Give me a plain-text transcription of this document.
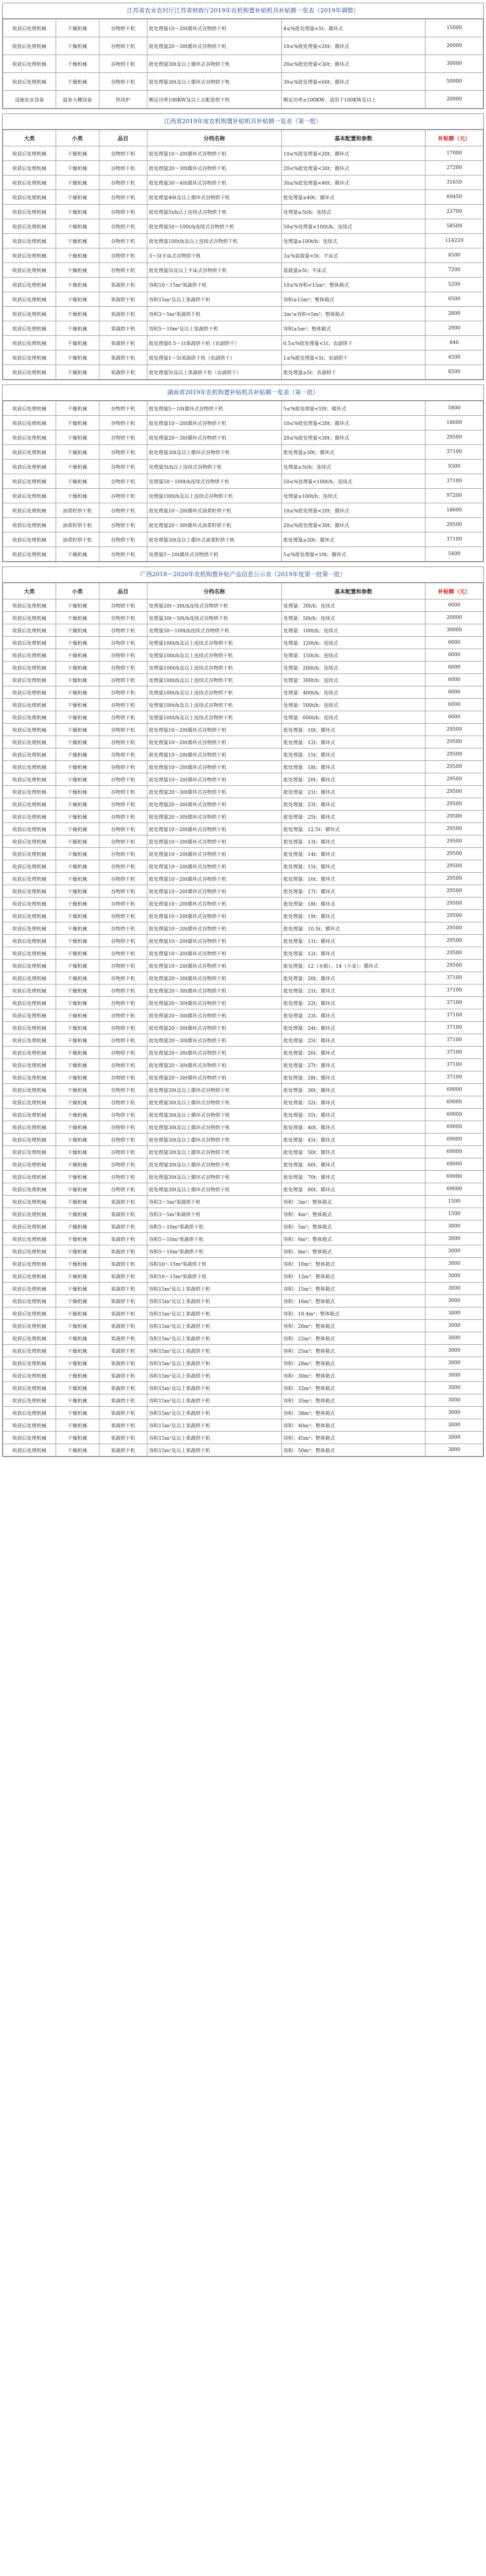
江苏省农业农村厅江苏省财政厅2019年农机购置补贴机具补贴额一览表（2019年调整）
收获后处理机械	干燥机械	谷物烘干机	批处理量10～20t循环式谷物烘干机	4≤%批处理量<5t；循环式	15000
收获后处理机械	干燥机械	谷物烘干机	批处理量20～30t循环式谷物烘干机	10≤%批处理量<20t；循环式	20000
收获后处理机械	干燥机械	谷物烘干机	批处理量30t及以上循环式谷物烘干机	20≤%批处理量<30t；循环式	30000
收获后处理机械	干燥机械	谷物烘干机	批处理量30t及以上循环式谷物烘干机	30≤%批处理量<60t；循环式	50000
设施农业设备	温室大棚设备	热风炉	额定功率100KW及以上且配套烘干机	额定功率≥100KW，适用于100KW及以上	20000
江西省2019年度农机购置补贴机具补贴额一览表（第一批）
大类	小类	品目	分档名称	基本配置和参数	补贴额（元）
收获后处理机械	干燥机械	谷物烘干机	批处理量10～20t循环式谷物烘干机	10≤%批处理量<20t；循环式	17000
收获后处理机械	干燥机械	谷物烘干机	批处理量20～30t循环式谷物烘干机	20≤%批处理量<30t；循环式	27200
收获后处理机械	干燥机械	谷物烘干机	批处理量30～40t循环式谷物烘干机	30≤%批处理量<40t；循环式	31650
收获后处理机械	干燥机械	谷物烘干机	批处理量40t及以上循环式谷物烘干机	批处理量≥40t；循环式	69450
收获后处理机械	干燥机械	谷物烘干机	批处理量5t/h以上连续式谷物烘干机	处理量≥5t/h；连续式	23700
收获后处理机械	干燥机械	谷物烘干机	批处理量50～100t/h连续式谷物烘干机	50≤%处理量<100t/h；连续式	58500
收获后处理机械	干燥机械	谷物烘干机	批处理量100t/h及以上连续式谷物烘干机	处理量≥100t/h；连续式	114220
收获后处理机械	干燥机械	谷物烘干机	3～5t平床式谷物烘干机	3≤%装载量<5t；平床式	4500
收获后处理机械	干燥机械	谷物烘干机	批处理量5t及以上平床式谷物烘干机	装载量≥5t；平床式	7200
收获后处理机械	干燥机械	果蔬烘干机	容积10～15m³果蔬烘干机	10≤%容积<15m³；整体箱式	5200
收获后处理机械	干燥机械	果蔬烘干机	容积15m³及以上果蔬烘干机	容积≥15m³；整体箱式	6500
收获后处理机械	干燥机械	果蔬烘干机	容积3～5m³果蔬烘干机	3m³≤容积<5m³；整体箱式	2800
收获后处理机械	干燥机械	果蔬烘干机	容积5～10m³及以上果蔬烘干机	容积≥5m³；整体箱式	2900
收获后处理机械	干燥机械	果蔬烘干机	批处理量0.5～1t果蔬烘干机（农副烘干）	0.5≤%批处理量<1t；农副烘干	840
收获后处理机械	干燥机械	果蔬烘干机	批处理量1～5t果蔬烘干机（农副烘干）	1≤%批处理量<5t；农副烘干	4500
收获后处理机械	干燥机械	果蔬烘干机	批处理量5t及以上果蔬烘干机（农副烘干）	批处理量≥5t；农副烘干	6500
湖南省2019年农机购置补贴机具补贴额一览表（第一批）
收获后处理机械	干燥机械	谷物烘干机	批处理量5～10t循环式谷物烘干机	5≤%批处理量<10t；循环式	5400
收获后处理机械	干燥机械	谷物烘干机	批处理量10～20t循环式谷物烘干机	10≤%批处理量<20t；循环式	18600
收获后处理机械	干燥机械	谷物烘干机	批处理量20～30t循环式谷物烘干机	20≤%批处理量<30t；循环式	29500
收获后处理机械	干燥机械	谷物烘干机	批处理量30t及以上循环式谷物烘干机	批处理量≥30t；循环式	37100
收获后处理机械	干燥机械	谷物烘干机	处理量5t/h以上连续式谷物烘干机	处理量≥5t/h；连续式	9300
收获后处理机械	干燥机械	谷物烘干机	处理量50～100t/h连续式谷物烘干机	50≤%处理量<100t/h；连续式	37100
收获后处理机械	干燥机械	谷物烘干机	处理量100t/h及以上连续式谷物烘干机	处理量≥100t/h；连续式	97200
收获后处理机械	油菜籽烘干机	谷物烘干机	批处理量10～20t循环式油菜籽烘干机	10≤%批处理量<20t；循环式	18600
收获后处理机械	油菜籽烘干机	谷物烘干机	批处理量20～30t循环式油菜籽烘干机	20≤%批处理量<30t；循环式	29500
收获后处理机械	油菜籽烘干机	谷物烘干机	批处理量30t及以上循环式油菜籽烘干机	批处理量≥30t；循环式	37100
收获后处理机械	干燥机械	谷物烘干机	处理量5～10t循环式谷物烘干机	5≤%批处理量<10t；循环式	5400
广西2018～2020年农机购置补贴产品信息公示表（2019年度第一批第一批）
大类	小类	品目	分档名称	基本配置和参数	补贴额（元）
收获后处理机械	干燥机械	谷物烘干机	处理量20t～30t/h连续式谷物烘干机	处理量：30t/h；连续式	6000
收获后处理机械	干燥机械	谷物烘干机	处理量30t～50t/h连续式谷物烘干机	处理量：50t/h；连续式	20000
收获后处理机械	干燥机械	谷物烘干机	处理量50～100t/h连续式谷物烘干机	处理量：100t/h；连续式	30000
收获后处理机械	干燥机械	谷物烘干机	处理量100t/h及以上连续式谷物烘干机	处理量：120t/h；连续式	6000
收获后处理机械	干燥机械	谷物烘干机	处理量100t/h及以上连续式谷物烘干机	处理量：150t/h；连续式	6000
收获后处理机械	干燥机械	谷物烘干机	处理量100t/h及以上连续式谷物烘干机	处理量：200t/h；连续式	6000
收获后处理机械	干燥机械	谷物烘干机	处理量100t/h及以上连续式谷物烘干机	处理量：300t/h；连续式	6000
收获后处理机械	干燥机械	谷物烘干机	处理量100t/h及以上连续式谷物烘干机	处理量：400t/h；连续式	6000
收获后处理机械	干燥机械	谷物烘干机	处理量100t/h及以上连续式谷物烘干机	处理量：500t/h；连续式	6000
收获后处理机械	干燥机械	谷物烘干机	处理量100t/h及以上连续式谷物烘干机	处理量：600t/h；连续式	6000
收获后处理机械	干燥机械	谷物烘干机	批处理量10～20t循环式谷物烘干机	批处理量：10t；循环式	29500
收获后处理机械	干燥机械	谷物烘干机	批处理量10～20t循环式谷物烘干机	批处理量：12t；循环式	29500
收获后处理机械	干燥机械	谷物烘干机	批处理量10～20t循环式谷物烘干机	批处理量：15t；循环式	29500
收获后处理机械	干燥机械	谷物烘干机	批处理量10～20t循环式谷物烘干机	批处理量：18t；循环式	29500
收获后处理机械	干燥机械	谷物烘干机	批处理量10～20t循环式谷物烘干机	批处理量：20t；循环式	29500
收获后处理机械	干燥机械	谷物烘干机	批处理量20～30t循环式谷物烘干机	批处理量：21t；循环式	29500
收获后处理机械	干燥机械	谷物烘干机	批处理量20～30t循环式谷物烘干机	批处理量：23t；循环式	29500
收获后处理机械	干燥机械	谷物烘干机	批处理量20～30t循环式谷物烘干机	批处理量：25t；循环式	29500
收获后处理机械	干燥机械	谷物烘干机	批处理量10～20t循环式谷物烘干机	批处理量：12.5t；循环式	29500
收获后处理机械	干燥机械	谷物烘干机	批处理量10～20t循环式谷物烘干机	批处理量：13t；循环式	29500
收获后处理机械	干燥机械	谷物烘干机	批处理量10～20t循环式谷物烘干机	批处理量：14t；循环式	29500
收获后处理机械	干燥机械	谷物烘干机	批处理量10～20t循环式谷物烘干机	批处理量：15t；循环式	29500
收获后处理机械	干燥机械	谷物烘干机	批处理量10～20t循环式谷物烘干机	批处理量：16t；循环式	29500
收获后处理机械	干燥机械	谷物烘干机	批处理量10～20t循环式谷物烘干机	批处理量：17t；循环式	29500
收获后处理机械	干燥机械	谷物烘干机	批处理量10～20t循环式谷物烘干机	批处理量：18t；循环式	29500
收获后处理机械	干燥机械	谷物烘干机	批处理量10～20t循环式谷物烘干机	批处理量：19t；循环式	29500
收获后处理机械	干燥机械	谷物烘干机	批处理量10～20t循环式谷物烘干机	批处理量：10.5t；循环式	29500
收获后处理机械	干燥机械	谷物烘干机	批处理量10～20t循环式谷物烘干机	批处理量：11t；循环式	29500
收获后处理机械	干燥机械	谷物烘干机	批处理量10～20t循环式谷物烘干机	批处理量：12t；循环式	29500
收获后处理机械	干燥机械	谷物烘干机	批处理量10～20t循环式谷物烘干机	批处理量：12（水稻），14（小麦）；循环式	29500
收获后处理机械	干燥机械	谷物烘干机	批处理量20～30t循环式谷物烘干机	批处理量：20t；循环式	37100
收获后处理机械	干燥机械	谷物烘干机	批处理量20～30t循环式谷物烘干机	批处理量：21t；循环式	37100
收获后处理机械	干燥机械	谷物烘干机	批处理量20～30t循环式谷物烘干机	批处理量：22t；循环式	37100
收获后处理机械	干燥机械	谷物烘干机	批处理量20～30t循环式谷物烘干机	批处理量：23t；循环式	37100
收获后处理机械	干燥机械	谷物烘干机	批处理量20～30t循环式谷物烘干机	批处理量：24t；循环式	37100
收获后处理机械	干燥机械	谷物烘干机	批处理量20～30t循环式谷物烘干机	批处理量：25t；循环式	37100
收获后处理机械	干燥机械	谷物烘干机	批处理量20～30t循环式谷物烘干机	批处理量：26t；循环式	37100
收获后处理机械	干燥机械	谷物烘干机	批处理量20～30t循环式谷物烘干机	批处理量：27t；循环式	37100
收获后处理机械	干燥机械	谷物烘干机	批处理量20～30t循环式谷物烘干机	批处理量：28t；循环式	37100
收获后处理机械	干燥机械	谷物烘干机	批处理量30t及以上循环式谷物烘干机	批处理量：30t；循环式	69000
收获后处理机械	干燥机械	谷物烘干机	批处理量30t及以上循环式谷物烘干机	批处理量：32t；循环式	69000
收获后处理机械	干燥机械	谷物烘干机	批处理量30t及以上循环式谷物烘干机	批处理量：35t；循环式	69000
收获后处理机械	干燥机械	谷物烘干机	批处理量30t及以上循环式谷物烘干机	批处理量：40t；循环式	69000
收获后处理机械	干燥机械	谷物烘干机	批处理量30t及以上循环式谷物烘干机	批处理量：45t；循环式	69000
收获后处理机械	干燥机械	谷物烘干机	批处理量30t及以上循环式谷物烘干机	批处理量：50t；循环式	69000
收获后处理机械	干燥机械	谷物烘干机	批处理量30t及以上循环式谷物烘干机	批处理量：60t；循环式	69000
收获后处理机械	干燥机械	谷物烘干机	批处理量30t及以上循环式谷物烘干机	批处理量：70t；循环式	69000
收获后处理机械	干燥机械	谷物烘干机	批处理量30t及以上循环式谷物烘干机	批处理量：80t；循环式	69000
收获后处理机械	干燥机械	果蔬烘干机	容积3～5m³果蔬烘干机	容积：3m³；整体箱式	1500
收获后处理机械	干燥机械	果蔬烘干机	容积3～5m³果蔬烘干机	容积：4m³；整体箱式	1500
收获后处理机械	干燥机械	果蔬烘干机	容积5～10m³果蔬烘干机	容积：5m³；整体箱式	3000
收获后处理机械	干燥机械	果蔬烘干机	容积5～10m³果蔬烘干机	容积：6m³；整体箱式	3000
收获后处理机械	干燥机械	果蔬烘干机	容积5～10m³果蔬烘干机	容积：8m³；整体箱式	3000
收获后处理机械	干燥机械	果蔬烘干机	容积10～15m³果蔬烘干机	容积：10m³；整体箱式	3000
收获后处理机械	干燥机械	果蔬烘干机	容积10～15m³果蔬烘干机	容积：12m³；整体箱式	3000
收获后处理机械	干燥机械	果蔬烘干机	容积15m³及以上果蔬烘干机	容积：15m³；整体箱式	3000
收获后处理机械	干燥机械	果蔬烘干机	容积15m³及以上果蔬烘干机	容积：16m³；整体箱式	3000
收获后处理机械	干燥机械	果蔬烘干机	容积15m³及以上果蔬烘干机	容积：18.4m³；整体箱式	3000
收获后处理机械	干燥机械	果蔬烘干机	容积15m³及以上果蔬烘干机	容积：20m³；整体箱式	3000
收获后处理机械	干燥机械	果蔬烘干机	容积15m³及以上果蔬烘干机	容积：22m³；整体箱式	3000
收获后处理机械	干燥机械	果蔬烘干机	容积15m³及以上果蔬烘干机	容积：25m³；整体箱式	3000
收获后处理机械	干燥机械	果蔬烘干机	容积15m³及以上果蔬烘干机	容积：28m³；整体箱式	3000
收获后处理机械	干燥机械	果蔬烘干机	容积15m³及以上果蔬烘干机	容积：30m³；整体箱式	3000
收获后处理机械	干燥机械	果蔬烘干机	容积15m³及以上果蔬烘干机	容积：32m³；整体箱式	3000
收获后处理机械	干燥机械	果蔬烘干机	容积15m³及以上果蔬烘干机	容积：35m³；整体箱式	3000
收获后处理机械	干燥机械	果蔬烘干机	容积15m³及以上果蔬烘干机	容积：38m³；整体箱式	3000
收获后处理机械	干燥机械	果蔬烘干机	容积15m³及以上果蔬烘干机	容积：40m³；整体箱式	3000
收获后处理机械	干燥机械	果蔬烘干机	容积15m³及以上果蔬烘干机	容积：45m³；整体箱式	3000
收获后处理机械	干燥机械	果蔬烘干机	容积15m³及以上果蔬烘干机	容积：50m³；整体箱式	3000
